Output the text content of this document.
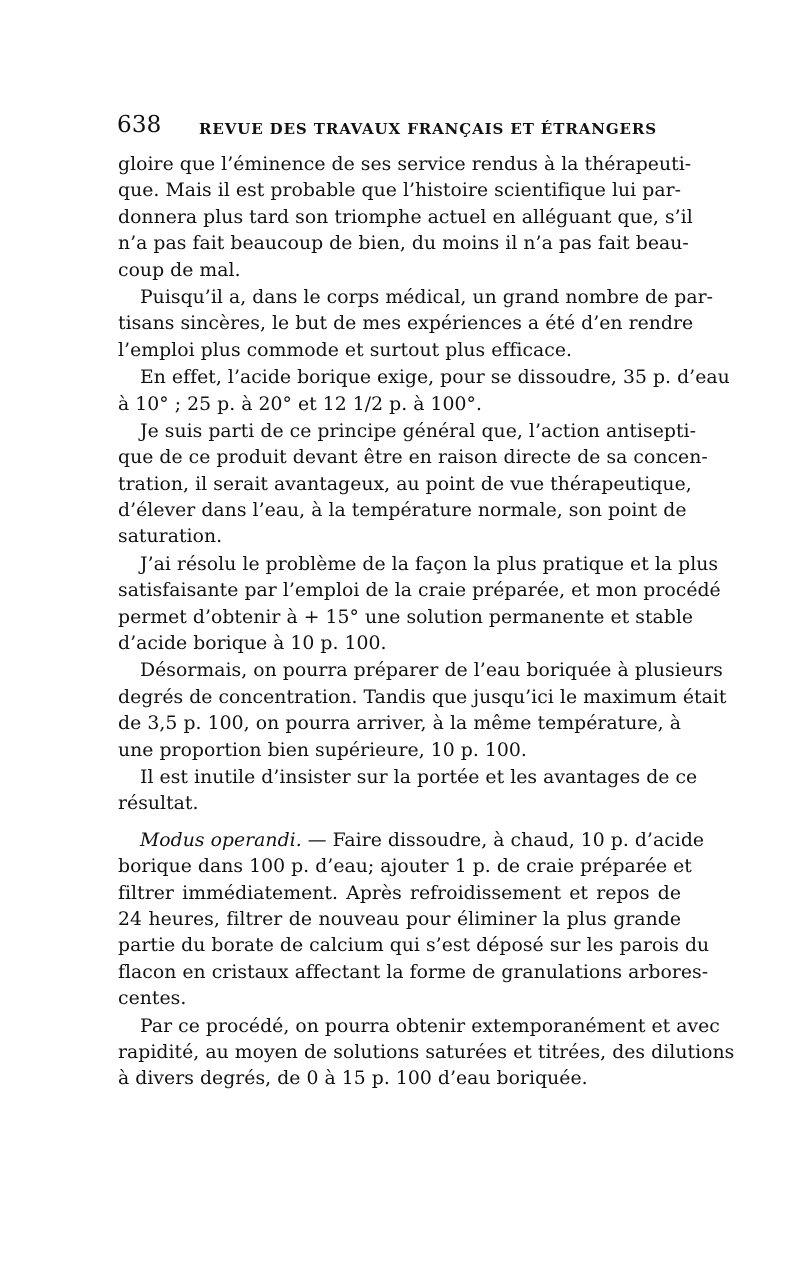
638	REVUE DES TRAVAUX FRANÇAIS ET ÉTRANGERS

gloire que l’éminence de ses service rendus à la thérapeuti-
que. Mais il est probable que l’histoire scientifique lui par-
donnera plus tard son triomphe actuel en alléguant que, s’il
n’a pas fait beaucoup de bien, du moins il n’a pas fait beau-
coup de mal.

Puisqu’il a, dans le corps médical, un grand nombre de par-
tisans sincères, le but de mes expériences a été d’en rendre
l’emploi plus commode et surtout plus efficace.

En effet, l’acide borique exige, pour se dissoudre, 35 p. d’eau
à 10° ; 25 p. à 20° et 12 1/2 p. à 100°.

Je suis parti de ce principe général que, l’action antisepti-
que de ce produit devant être en raison directe de sa concen-
tration, il serait avantageux, au point de vue thérapeutique,
d’élever dans l’eau, à la température normale, son point de
saturation.

J’ai résolu le problème de la façon la plus pratique et la plus
satisfaisante par l’emploi de la craie préparée, et mon procédé
permet d’obtenir à + 15° une solution permanente et stable
d’acide borique à 10 p. 100.

Désormais, on pourra préparer de l’eau boriquée à plusieurs
degrés de concentration. Tandis que jusqu’ici le maximum était
de 3,5 p. 100, on pourra arriver, à la même température, à
une proportion bien supérieure, 10 p. 100.

Il est inutile d’insister sur la portée et les avantages de ce
résultat.

Modus operandi. — Faire dissoudre, à chaud, 10 p. d’acide
borique dans 100 p. d’eau; ajouter 1 p. de craie préparée et
filtrer immédiatement. Après refroidissement et repos de
24 heures, filtrer de nouveau pour éliminer la plus grande
partie du borate de calcium qui s’est déposé sur les parois du
flacon en cristaux affectant la forme de granulations arbores-
centes.

Par ce procédé, on pourra obtenir extemporanément et avec
rapidité, au moyen de solutions saturées et titrées, des dilutions
à divers degrés, de 0 à 15 p. 100 d’eau boriquée.
